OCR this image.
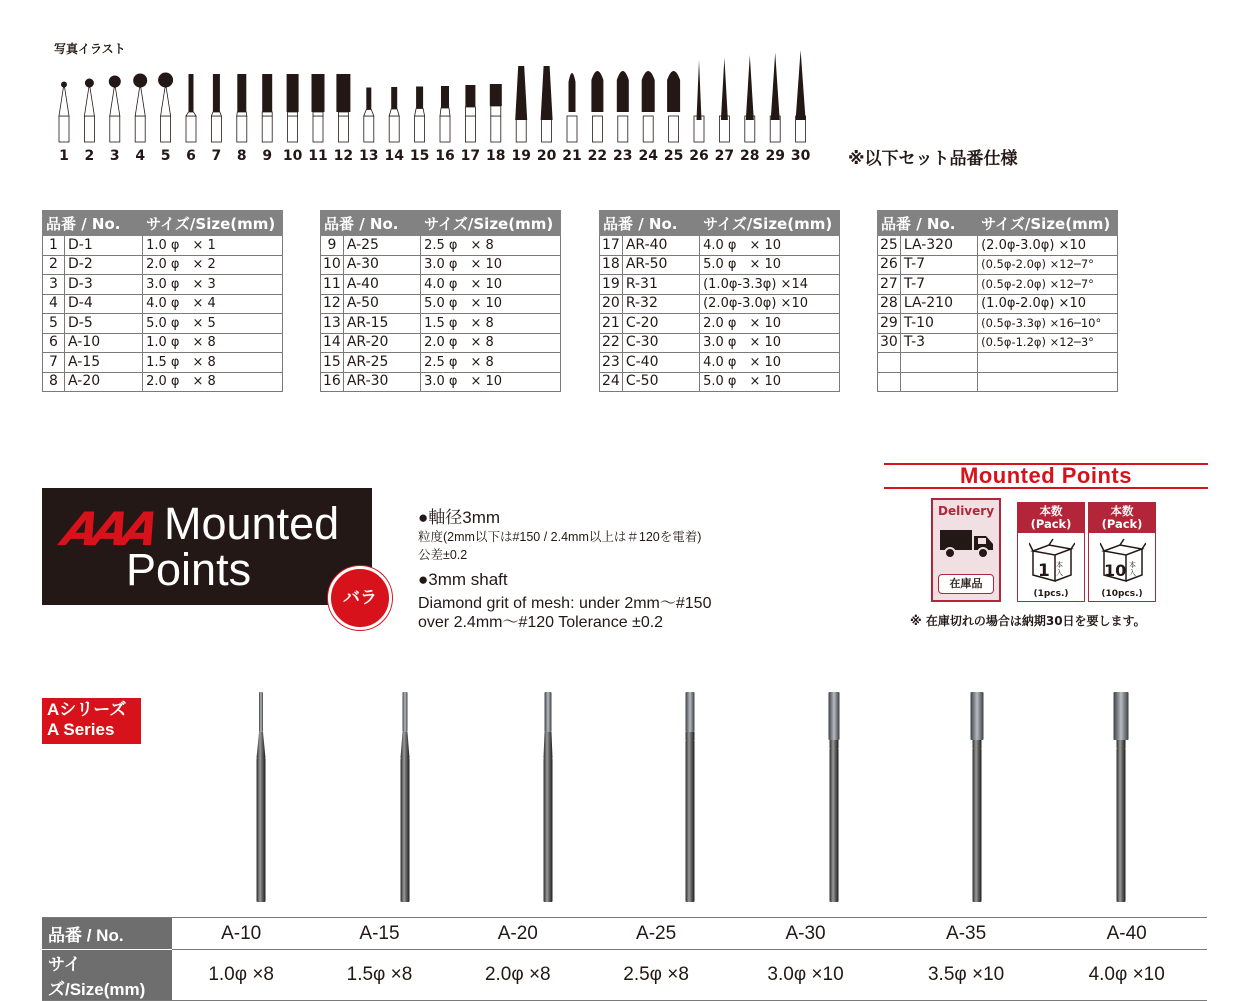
写真イラスト
1 2 3 4 5 6 7 8 9 10 11 12 13 14 15 16 17 18 19 20 21 22 23 24 25 26 27 28 29 30 ※以下セット品番仕様
品番 / No.		サイズ/Size(mm)
1	D-1	1.0 φ　× 1
2	D-2	2.0 φ　× 2
3	D-3	3.0 φ　× 3
4	D-4	4.0 φ　× 4
5	D-5	5.0 φ　× 5
6	A-10	1.0 φ　× 8
7	A-15	1.5 φ　× 8
8	A-20	2.0 φ　× 8
品番 / No.		サイズ/Size(mm)
9	A-25	2.5 φ　× 8
10	A-30	3.0 φ　× 10
11	A-40	4.0 φ　× 10
12	A-50	5.0 φ　× 10
13	AR-15	1.5 φ　× 8
14	AR-20	2.0 φ　× 8
15	AR-25	2.5 φ　× 8
16	AR-30	3.0 φ　× 10
品番 / No.		サイズ/Size(mm)
17	AR-40	4.0 φ　× 10
18	AR-50	5.0 φ　× 10
19	R-31	(1.0φ-3.3φ) ×14
20	R-32	(2.0φ-3.0φ) ×10
21	C-20	2.0 φ　× 10
22	C-30	3.0 φ　× 10
23	C-40	4.0 φ　× 10
24	C-50	5.0 φ　× 10
品番 / No.		サイズ/Size(mm)
25	LA-320	(2.0φ-3.0φ) ×10
26	T-7	(0.5φ-2.0φ) ×12─7°
27	T-7	(0.5φ-2.0φ) ×12─7°
28	LA-210	(1.0φ-2.0φ) ×10
29	T-10	(0.5φ-3.3φ) ×16─10°
30	T-3	(0.5φ-1.2φ) ×12─3°

AAA Mounted
Points
バラ
●軸径3mm
粒度(2mm以下は#150 / 2.4mm以上は＃120を電着)
公差±0.2
●3mm shaft
Diamond grit of mesh: under 2mm～#150
over 2.4mm～#120 Tolerance ±0.2
Mounted Points
Delivery
在庫品
本数
(Pack)
1 本入
(1pcs.)
本数
(Pack)
10 本入
(10pcs.)
※ 在庫切れの場合は納期30日を要します。
Aシリーズ
A Series
品番 / No.	A-10	A-15	A-20	A-25	A-30	A-35	A-40
サイズ/Size(mm)	1.0φ ×8	1.5φ ×8	2.0φ ×8	2.5φ ×8	3.0φ ×10	3.5φ ×10	4.0φ ×10
